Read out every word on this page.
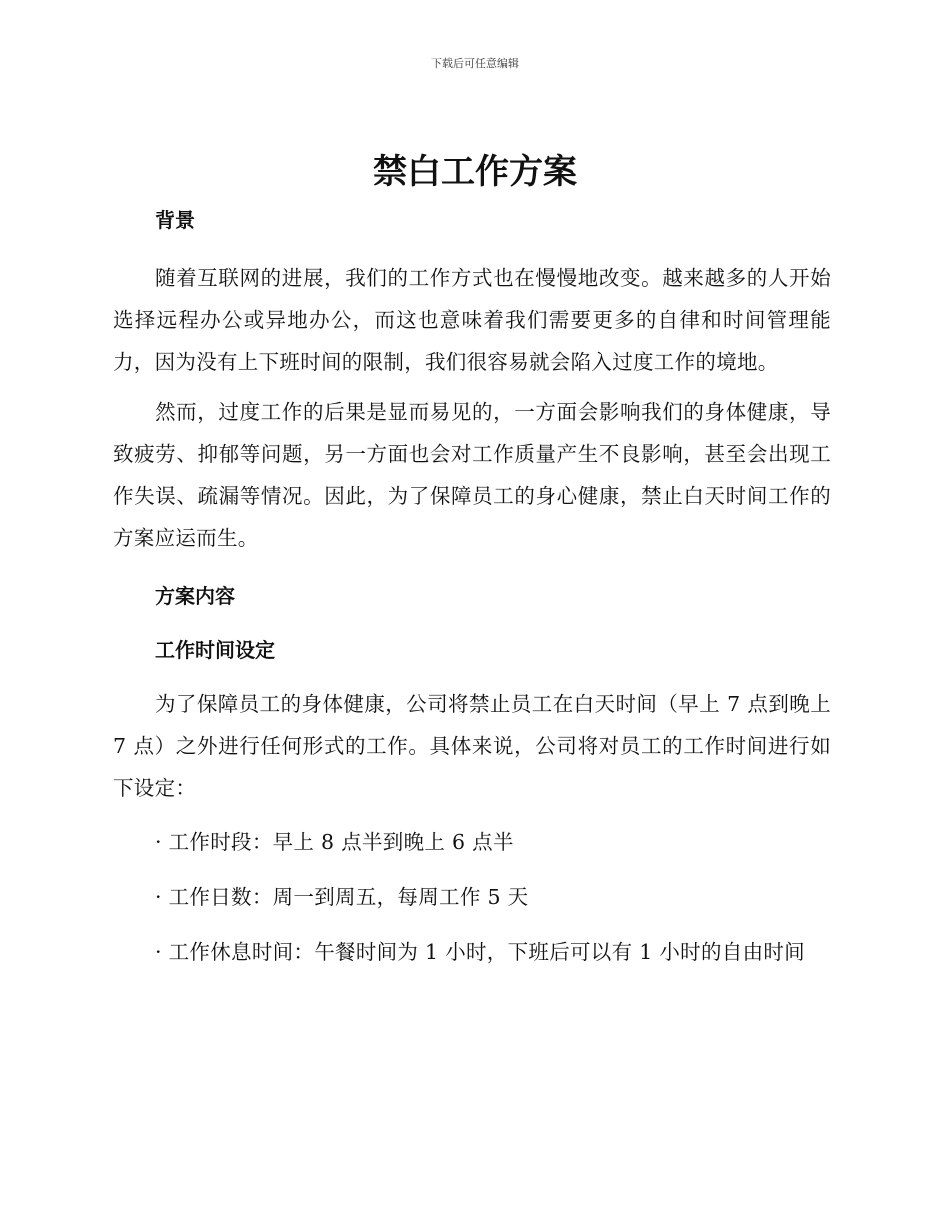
下载后可任意编辑
禁白工作方案

背景

随着互联网的进展，我们的工作方式也在慢慢地改变。越来越多的人开始选择远程办公或异地办公，而这也意味着我们需要更多的自律和时间管理能力，因为没有上下班时间的限制，我们很容易就会陷入过度工作的境地。

然而，过度工作的后果是显而易见的，一方面会影响我们的身体健康，导致疲劳、抑郁等问题，另一方面也会对工作质量产生不良影响，甚至会出现工作失误、疏漏等情况。因此，为了保障员工的身心健康，禁止白天时间工作的方案应运而生。

方案内容

工作时间设定

为了保障员工的身体健康，公司将禁止员工在白天时间（早上 7 点到晚上 7 点）之外进行任何形式的工作。具体来说，公司将对员工的工作时间进行如下设定：

· 工作时段：早上 8 点半到晚上 6 点半

· 工作日数：周一到周五，每周工作 5 天

· 工作休息时间：午餐时间为 1 小时，下班后可以有 1 小时的自由时间
